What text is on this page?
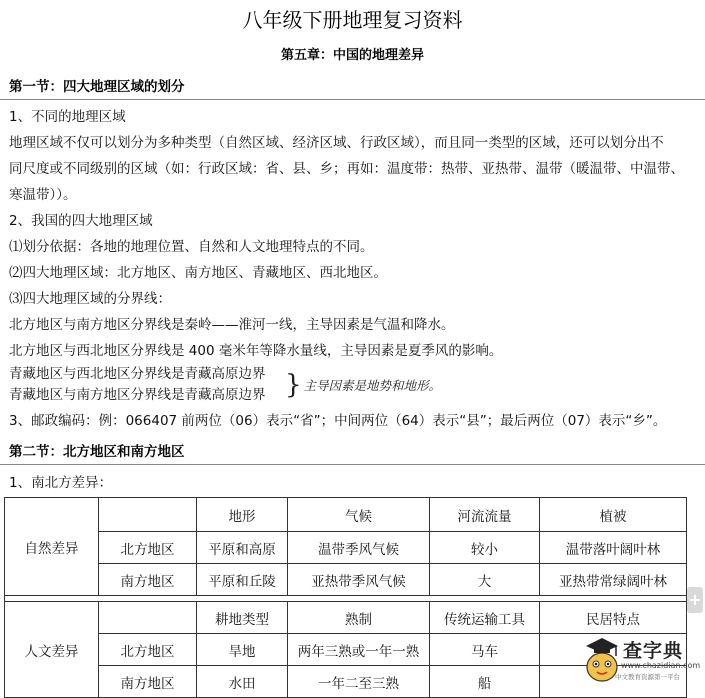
八年级下册地理复习资料
第五章：中国的地理差异
第一节：四大地理区域的划分
1、不同的地理区域
地理区域不仅可以划分为多种类型（自然区域、经济区域、行政区域），而且同一类型的区域，还可以划分出不
同尺度或不同级别的区域（如：行政区域：省、县、乡；再如：温度带：热带、亚热带、温带（暖温带、中温带、
寒温带））。
2、我国的四大地理区域
⑴划分依据：各地的地理位置、自然和人文地理特点的不同。
⑵四大地理区域：北方地区、南方地区、青藏地区、西北地区。
⑶四大地理区域的分界线：
北方地区与南方地区分界线是秦岭——淮河一线，主导因素是气温和降水。
北方地区与西北地区分界线是 400 毫米年等降水量线，主导因素是夏季风的影响。
青藏地区与西北地区分界线是青藏高原边界
青藏地区与南方地区分界线是青藏高原边界 } 主导因素是地势和地形。
3、邮政编码：例：066407 前两位（06）表示“省”；中间两位（64）表示“县”；最后两位（07）表示“乡”。
第二节：北方地区和南方地区
1、南北方差异：
自然差异		地形	气候	河流流量	植被
	北方地区	平原和高原	温带季风气候	较小	温带落叶阔叶林
	南方地区	平原和丘陵	亚热带季风气候	大	亚热带常绿阔叶林

人文差异		耕地类型	熟制	传统运输工具	民居特点
	北方地区	旱地	两年三熟或一年一熟	马车	
	南方地区	水田	一年二至三熟	船	
+
查字典
www.chazidian.com
中文教育资源第一平台
